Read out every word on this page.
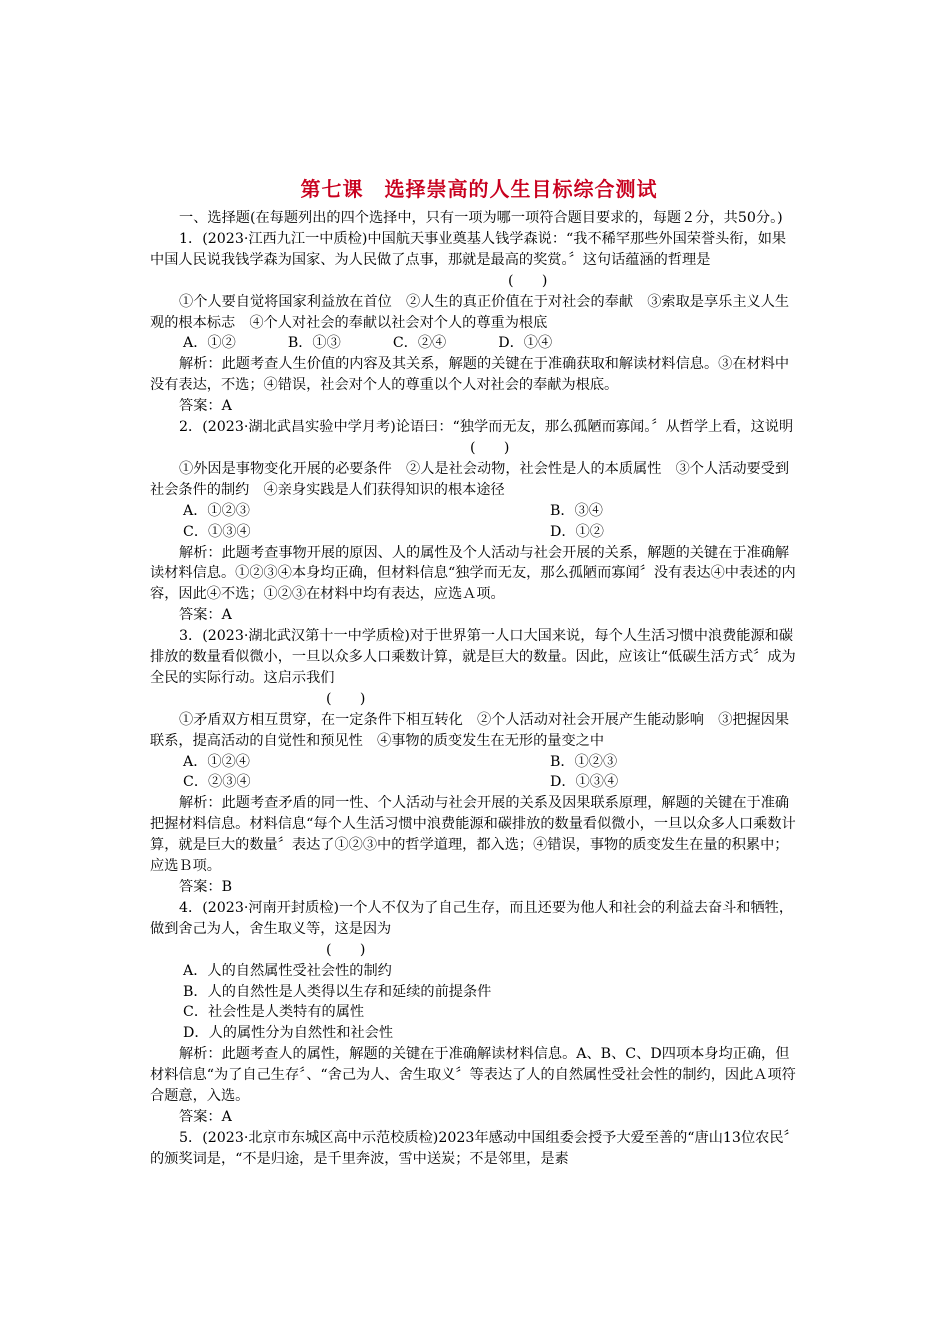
第七课　选择崇高的人生目标综合测试

一、选择题(在每题列出的四个选择中，只有一项为哪一项符合题目要求的，每题２分，共50分。)

1．(2023·江西九江一中质检)中国航天事业奠基人钱学森说：“我不稀罕那些外国荣誉头衔，如果中国人民说我钱学森为国家、为人民做了点事，那就是最高的奖赏。〞这句话蕴涵的哲理是

(　　)

①个人要自觉将国家利益放在首位　②人生的真正价值在于对社会的奉献　③索取是享乐主义人生观的根本标志　④个人对社会的奉献以社会对个人的尊重为根底

A．①②	B．①③	C．②④	D．①④

解析：此题考查人生价值的内容及其关系，解题的关键在于准确获取和解读材料信息。③在材料中没有表达，不选；④错误，社会对个人的尊重以个人对社会的奉献为根底。

答案：A

2．(2023·湖北武昌实验中学月考)论语曰：“独学而无友，那么孤陋而寡闻。〞从哲学上看，这说明

(　　)

①外因是事物变化开展的必要条件　②人是社会动物，社会性是人的本质属性　③个人活动要受到社会条件的制约　④亲身实践是人们获得知识的根本途径

A．①②③	B．③④
C．①③④	D．①②

解析：此题考查事物开展的原因、人的属性及个人活动与社会开展的关系，解题的关键在于准确解读材料信息。①②③④本身均正确，但材料信息“独学而无友，那么孤陋而寡闻〞没有表达④中表述的内容，因此④不选；①②③在材料中均有表达，应选Ａ项。

答案：A

3．(2023·湖北武汉第十一中学质检)对于世界第一人口大国来说，每个人生活习惯中浪费能源和碳排放的数量看似微小，一旦以众多人口乘数计算，就是巨大的数量。因此，应该让“低碳生活方式〞成为全民的实际行动。这启示我们

(　　)

①矛盾双方相互贯穿，在一定条件下相互转化　②个人活动对社会开展产生能动影响　③把握因果联系，提高活动的自觉性和预见性　④事物的质变发生在无形的量变之中

A．①②④	B．①②③
C．②③④	D．①③④

解析：此题考查矛盾的同一性、个人活动与社会开展的关系及因果联系原理，解题的关键在于准确把握材料信息。材料信息“每个人生活习惯中浪费能源和碳排放的数量看似微小，一旦以众多人口乘数计算，就是巨大的数量〞表达了①②③中的哲学道理，都入选；④错误，事物的质变发生在量的积累中；应选Ｂ项。

答案：B

4．(2023·河南开封质检)一个人不仅为了自己生存，而且还要为他人和社会的利益去奋斗和牺牲，做到舍己为人，舍生取义等，这是因为

(　　)

A．人的自然属性受社会性的制约

B．人的自然性是人类得以生存和延续的前提条件

C．社会性是人类特有的属性

D．人的属性分为自然性和社会性

解析：此题考查人的属性，解题的关键在于准确解读材料信息。A、B、C、D四项本身均正确，但材料信息“为了自己生存〞、“舍己为人、舍生取义〞等表达了人的自然属性受社会性的制约，因此Ａ项符合题意，入选。

答案：A

5．(2023·北京市东城区高中示范校质检)2023年感动中国组委会授予大爱至善的“唐山13位农民〞的颁奖词是，“不是归途，是千里奔波，雪中送炭；不是邻里，是素
